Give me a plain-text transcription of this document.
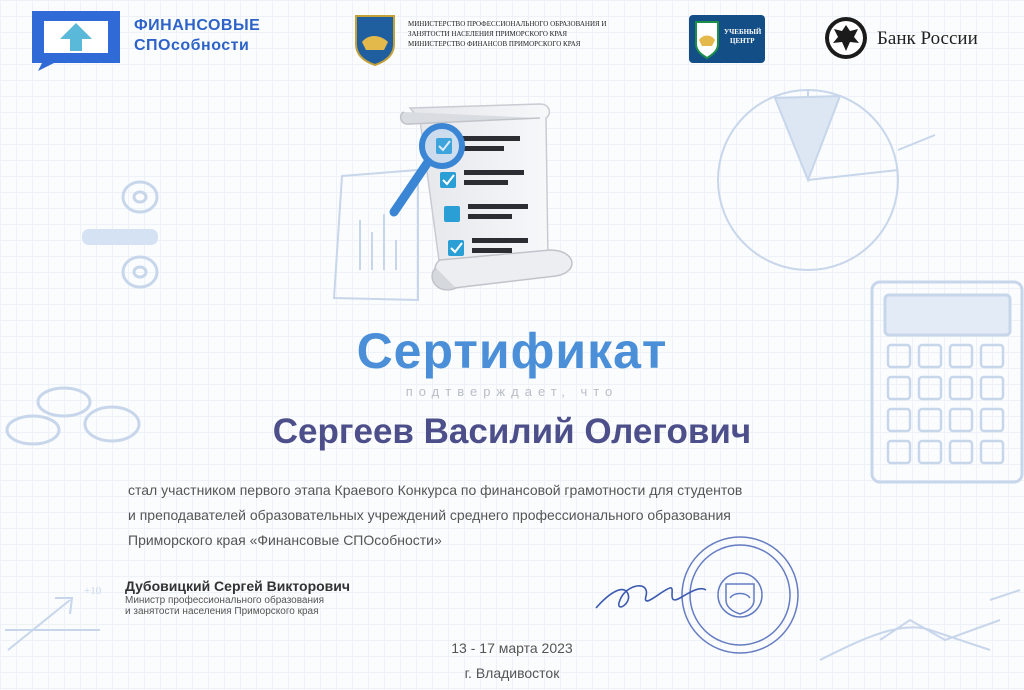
+10
ФИНАНСОВЫЕ
СПОсобности
МИНИСТЕРСТВО ПРОФЕССИОНАЛЬНОГО ОБРАЗОВАНИЯ И
ЗАНЯТОСТИ НАСЕЛЕНИЯ ПРИМОРСКОГО КРАЯ
МИНИСТЕРСТВО ФИНАНСОВ ПРИМОРСКОГО КРАЯ
УЧЕБНЫЙ
ЦЕНТР	Банк России
Сертификат
подтверждает, что
Сергеев Василий Олегович
стал участником первого этапа Краевого Конкурса по финансовой грамотности для студентов
и преподавателей образовательных учреждений среднего профессионального образования
Приморского края «Финансовые СПОсобности»
Дубовицкий Сергей Викторович
Министр профессионального образования
и занятости населения Приморского края
13 - 17 марта 2023
г. Владивосток
